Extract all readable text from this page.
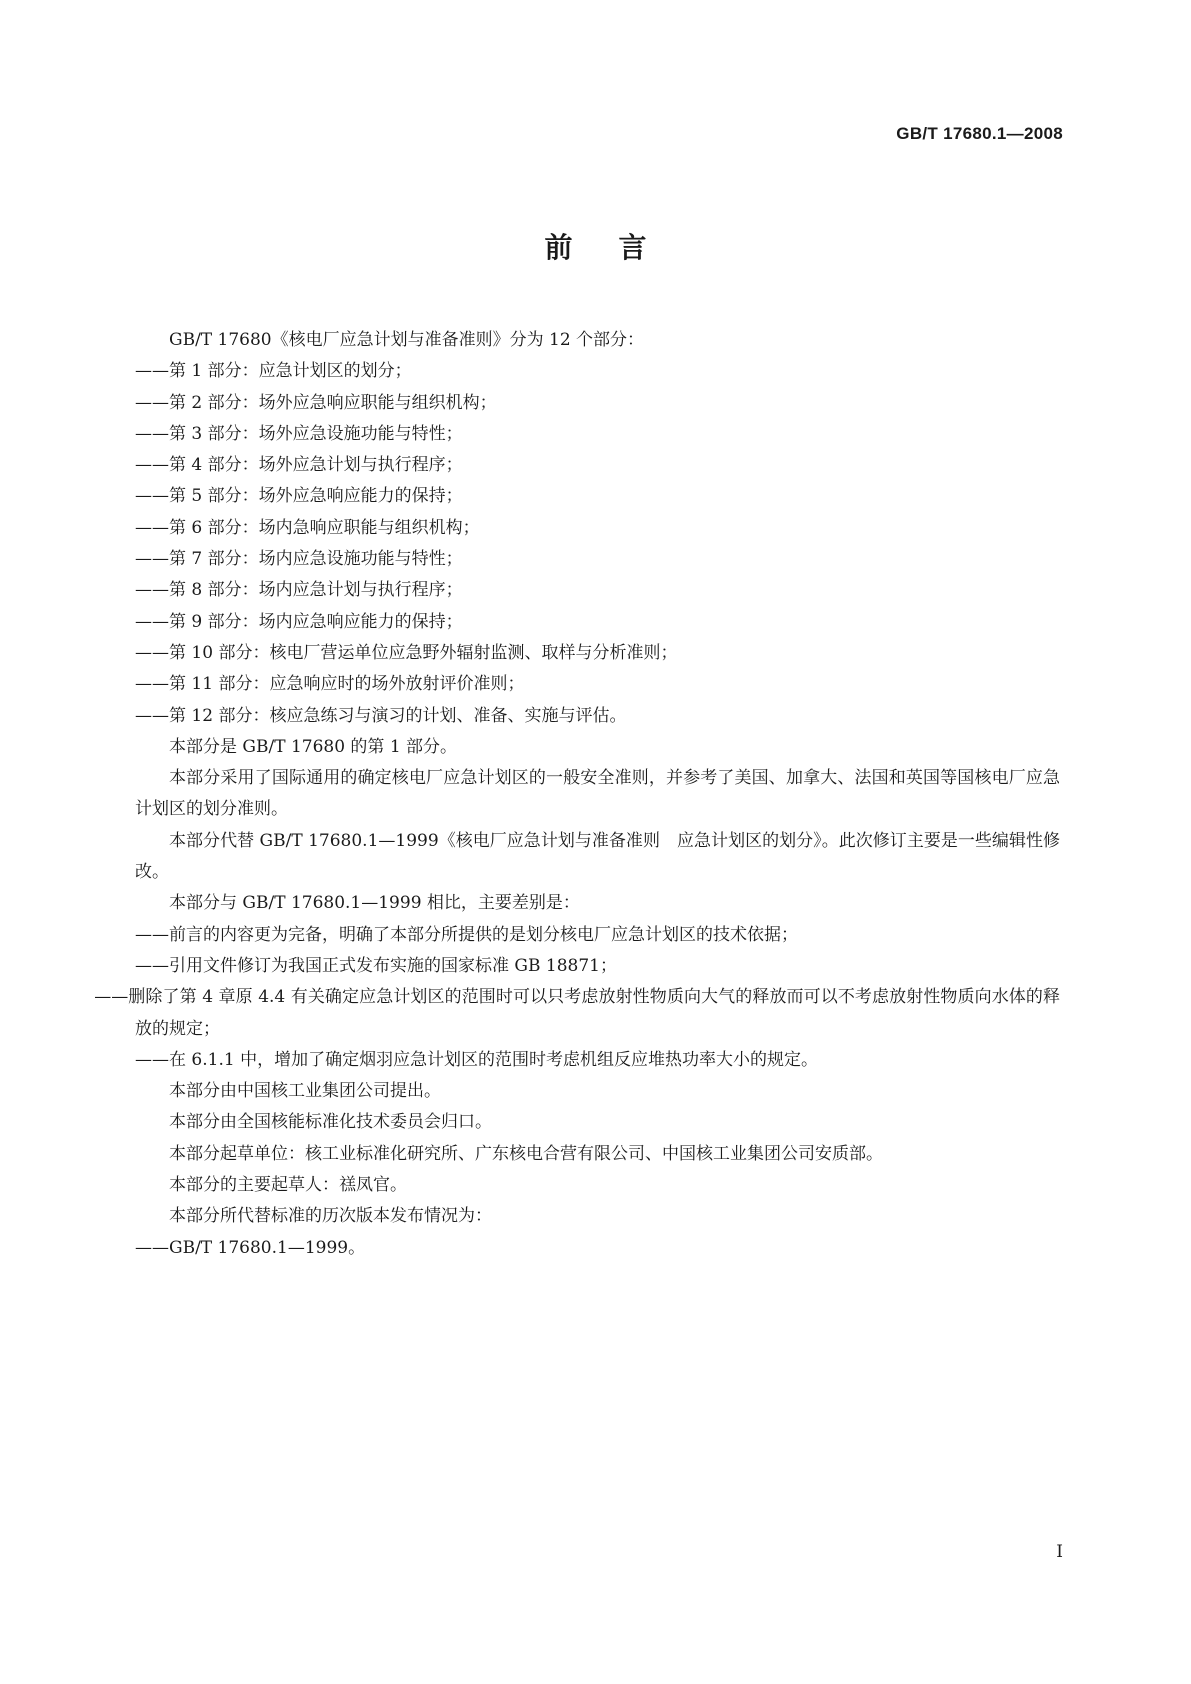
GB/T 17680.1—2008
前言

GB/T 17680《核电厂应急计划与准备准则》分为 12 个部分：

——第 1 部分：应急计划区的划分；

——第 2 部分：场外应急响应职能与组织机构；

——第 3 部分：场外应急设施功能与特性；

——第 4 部分：场外应急计划与执行程序；

——第 5 部分：场外应急响应能力的保持；

——第 6 部分：场内急响应职能与组织机构；

——第 7 部分：场内应急设施功能与特性；

——第 8 部分：场内应急计划与执行程序；

——第 9 部分：场内应急响应能力的保持；

——第 10 部分：核电厂营运单位应急野外辐射监测、取样与分析准则；

——第 11 部分：应急响应时的场外放射评价准则；

——第 12 部分：核应急练习与演习的计划、准备、实施与评估。

本部分是 GB/T 17680 的第 1 部分。

本部分采用了国际通用的确定核电厂应急计划区的一般安全准则，并参考了美国、加拿大、法国和英国等国核电厂应急计划区的划分准则。

本部分代替 GB/T 17680.1—1999《核电厂应急计划与准备准则　应急计划区的划分》。此次修订主要是一些编辑性修改。

本部分与 GB/T 17680.1—1999 相比，主要差别是：

——前言的内容更为完备，明确了本部分所提供的是划分核电厂应急计划区的技术依据；

——引用文件修订为我国正式发布实施的国家标准 GB 18871；

——删除了第 4 章原 4.4 有关确定应急计划区的范围时可以只考虑放射性物质向大气的释放而可以不考虑放射性物质向水体的释放的规定；

——在 6.1.1 中，增加了确定烟羽应急计划区的范围时考虑机组反应堆热功率大小的规定。

本部分由中国核工业集团公司提出。

本部分由全国核能标准化技术委员会归口。

本部分起草单位：核工业标准化研究所、广东核电合营有限公司、中国核工业集团公司安质部。

本部分的主要起草人：禚凤官。

本部分所代替标准的历次版本发布情况为：

——GB/T 17680.1—1999。

I
